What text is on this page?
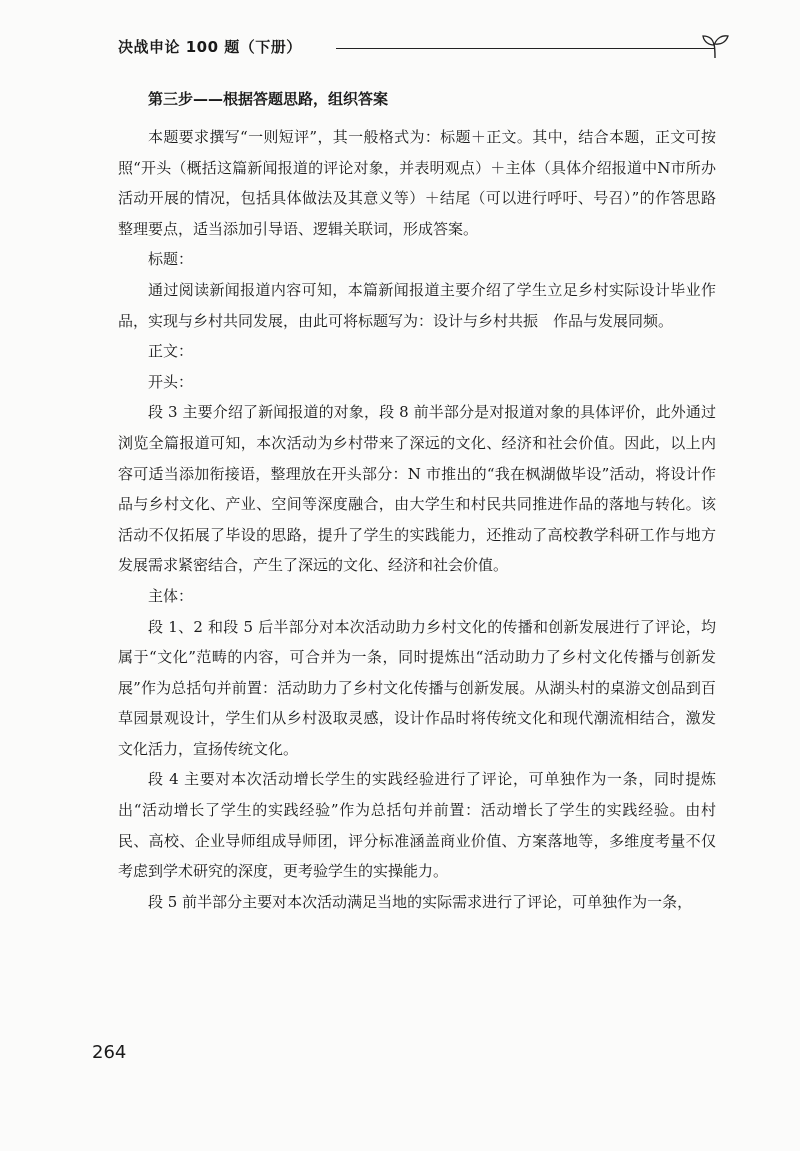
决战申论 100 题（下册）
第三步——根据答题思路，组织答案

本题要求撰写“一则短评”，其一般格式为：标题＋正文。其中，结合本题，正文可按照“开头（概括这篇新闻报道的评论对象，并表明观点）＋主体（具体介绍报道中N市所办活动开展的情况，包括具体做法及其意义等）＋结尾（可以进行呼吁、号召）”的作答思路整理要点，适当添加引导语、逻辑关联词，形成答案。

标题：

通过阅读新闻报道内容可知，本篇新闻报道主要介绍了学生立足乡村实际设计毕业作品，实现与乡村共同发展，由此可将标题写为：设计与乡村共振　作品与发展同频。

正文：

开头：

段 3 主要介绍了新闻报道的对象，段 8 前半部分是对报道对象的具体评价，此外通过浏览全篇报道可知，本次活动为乡村带来了深远的文化、经济和社会价值。因此，以上内容可适当添加衔接语，整理放在开头部分：N 市推出的“我在枫湖做毕设”活动，将设计作品与乡村文化、产业、空间等深度融合，由大学生和村民共同推进作品的落地与转化。该活动不仅拓展了毕设的思路，提升了学生的实践能力，还推动了高校教学科研工作与地方发展需求紧密结合，产生了深远的文化、经济和社会价值。

主体：

段 1、2 和段 5 后半部分对本次活动助力乡村文化的传播和创新发展进行了评论，均属于“文化”范畴的内容，可合并为一条，同时提炼出“活动助力了乡村文化传播与创新发展”作为总括句并前置：活动助力了乡村文化传播与创新发展。从湖头村的桌游文创品到百草园景观设计，学生们从乡村汲取灵感，设计作品时将传统文化和现代潮流相结合，激发文化活力，宣扬传统文化。

段 4 主要对本次活动增长学生的实践经验进行了评论，可单独作为一条，同时提炼出“活动增长了学生的实践经验”作为总括句并前置：活动增长了学生的实践经验。由村民、高校、企业导师组成导师团，评分标准涵盖商业价值、方案落地等，多维度考量不仅考虑到学术研究的深度，更考验学生的实操能力。

段 5 前半部分主要对本次活动满足当地的实际需求进行了评论，可单独作为一条，

264
